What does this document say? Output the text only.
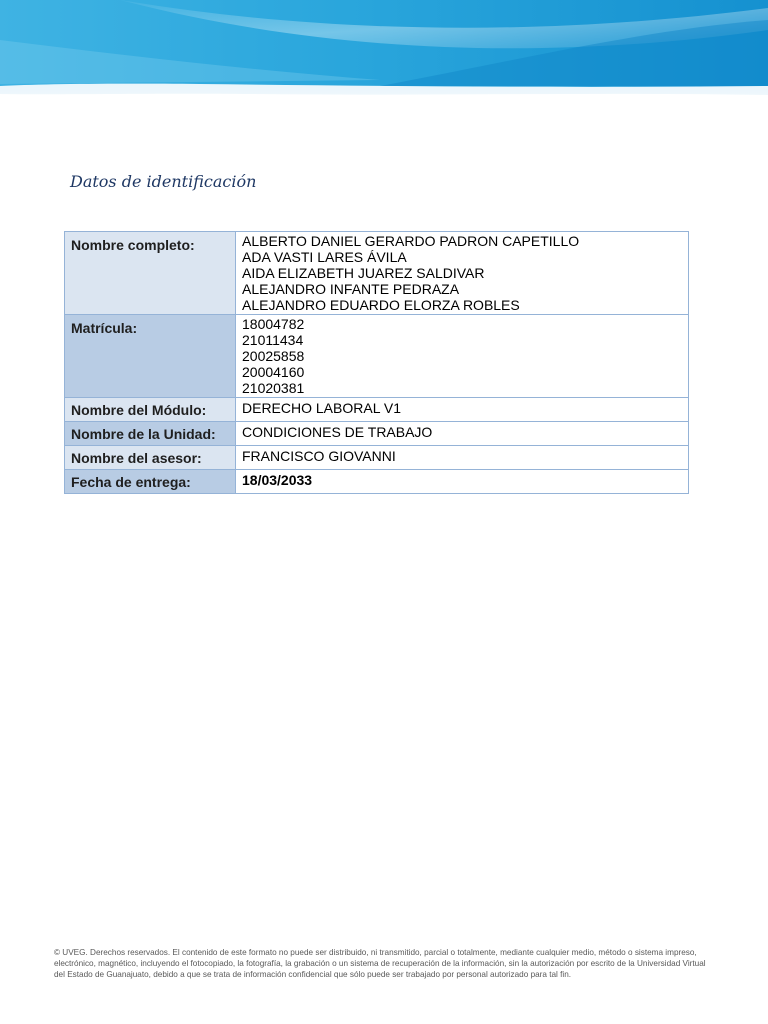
Datos de identificación
Nombre completo:	ALBERTO DANIEL GERARDO PADRON CAPETILLO
ADA VASTI LARES ÁVILA
AIDA ELIZABETH JUAREZ SALDIVAR
ALEJANDRO INFANTE PEDRAZA
ALEJANDRO EDUARDO ELORZA ROBLES

Matrícula:	18004782
21011434
20025858
20004160
21020381

Nombre del Módulo:	DERECHO LABORAL V1
Nombre de la Unidad:	CONDICIONES DE TRABAJO
Nombre del asesor:	FRANCISCO GIOVANNI
Fecha de entrega:	18/03/2033

© UVEG. Derechos reservados. El contenido de este formato no puede ser distribuido, ni transmitido, parcial o totalmente, mediante cualquier medio, método o sistema impreso, electrónico, magnético, incluyendo el fotocopiado, la fotografía, la grabación o un sistema de recuperación de la información, sin la autorización por escrito de la Universidad Virtual del Estado de Guanajuato, debido a que se trata de información confidencial que sólo puede ser trabajado por personal autorizado para tal fin.
